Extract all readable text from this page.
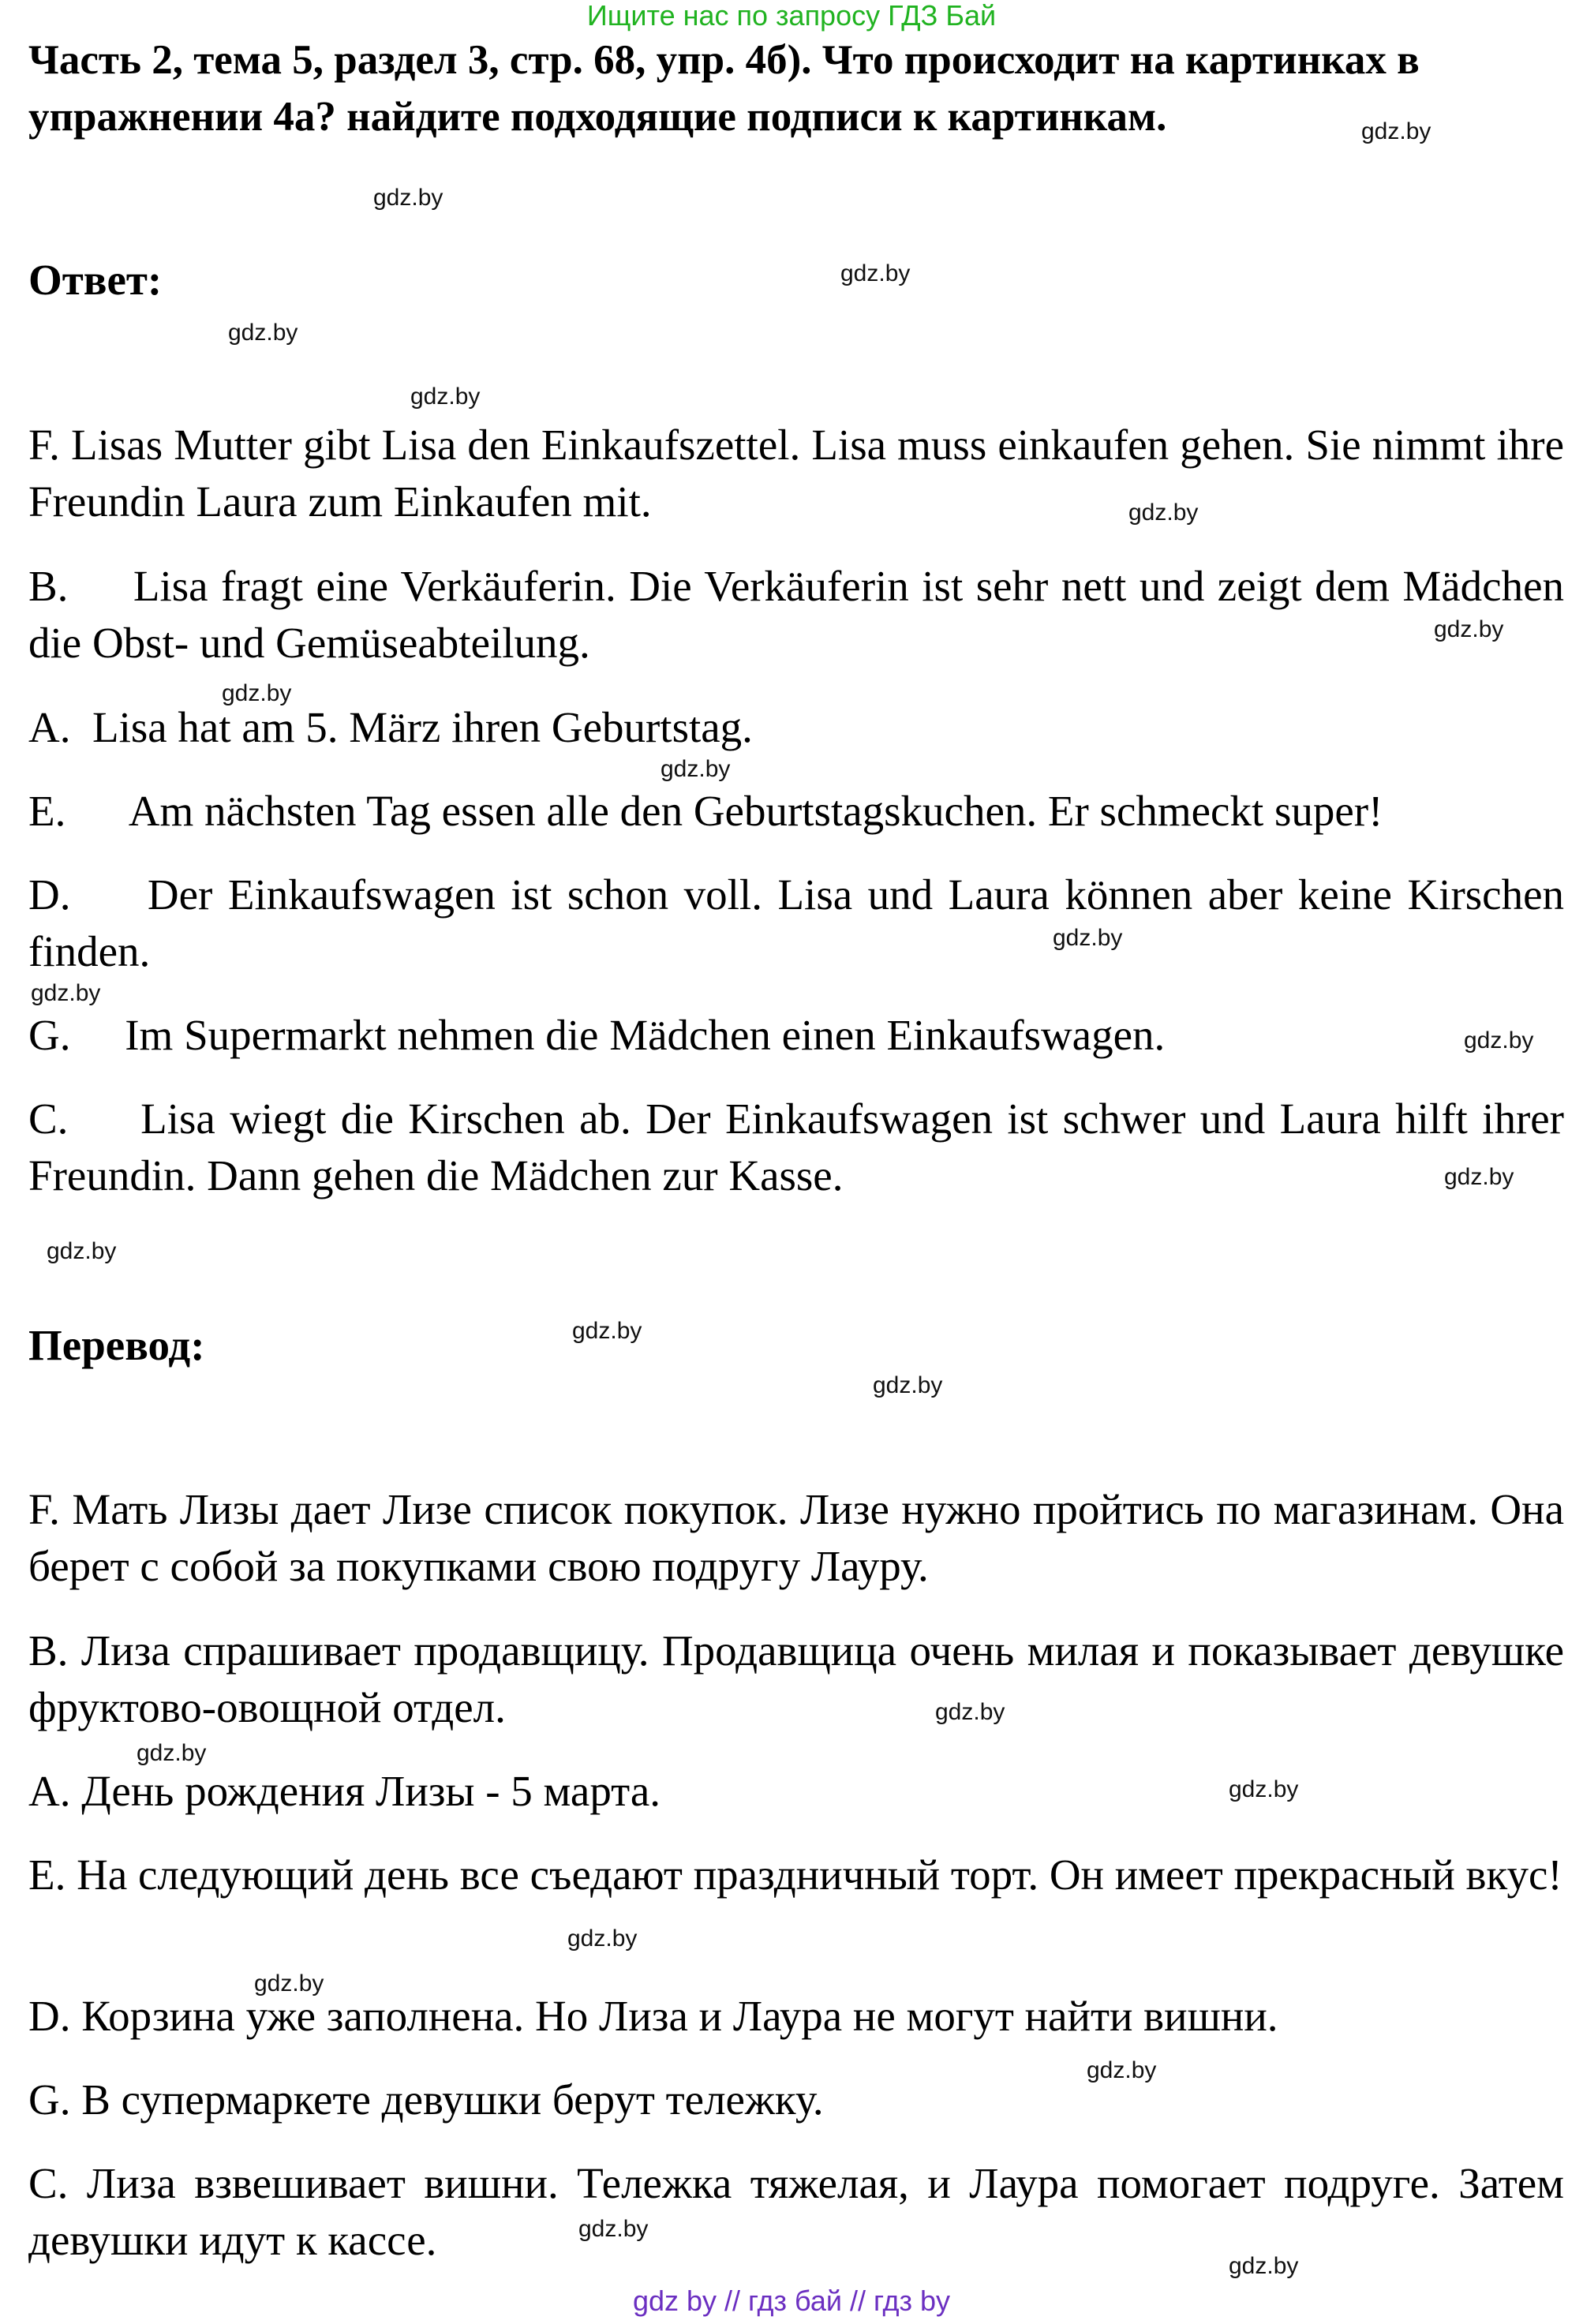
Ищите нас по запросу ГДЗ Бай
Часть 2, тема 5, раздел 3, стр. 68, упр. 4б). Что происходит на картинках в упражнении 4а? найдите подходящие подписи к картинкам.
Ответ:
F. Lisas Mutter gibt Lisa den Einkaufszettel. Lisa muss einkaufen gehen. Sie nimmt ihre Freundin Laura zum Einkaufen mit.
B.     Lisa fragt eine Verkäuferin. Die Verkäuferin ist sehr nett und zeigt dem Mädchen die Obst- und Gemüseabteilung.
A.  Lisa hat am 5. März ihren Geburtstag.
E.      Am nächsten Tag essen alle den Geburtstagskuchen. Er schmeckt super!
D.     Der Einkaufswagen ist schon voll. Lisa und Laura können aber keine Kirschen finden.
G.     Im Supermarkt nehmen die Mädchen einen Einkaufswagen.
C.     Lisa wiegt die Kirschen ab. Der Einkaufswagen ist schwer und Laura hilft ihrer Freundin. Dann gehen die Mädchen zur Kasse.
Перевод:
F. Мать Лизы дает Лизе список покупок. Лизе нужно пройтись по магазинам. Она берет с собой за покупками свою подругу Лауру.
B. Лиза спрашивает продавщицу. Продавщица очень милая и показывает девушке фруктово-овощной отдел.
A. День рождения Лизы - 5 марта.
E. На следующий день все съедают праздничный торт. Он имеет прекрасный вкус!
D. Корзина уже заполнена. Но Лиза и Лаура не могут найти вишни.
G. В супермаркете девушки берут тележку.
C. Лиза взвешивает вишни. Тележка тяжелая, и Лаура помогает подруге. Затем девушки идут к кассе.
gdz.by
gdz.by
gdz.by
gdz.by
gdz.by
gdz.by
gdz.by
gdz.by
gdz.by
gdz.by
gdz.by
gdz.by
gdz.by
gdz.by
gdz.by
gdz.by
gdz.by
gdz.by
gdz.by
gdz.by
gdz.by
gdz.by
gdz.by
gdz.by
gdz by // гдз бай // гдз by
